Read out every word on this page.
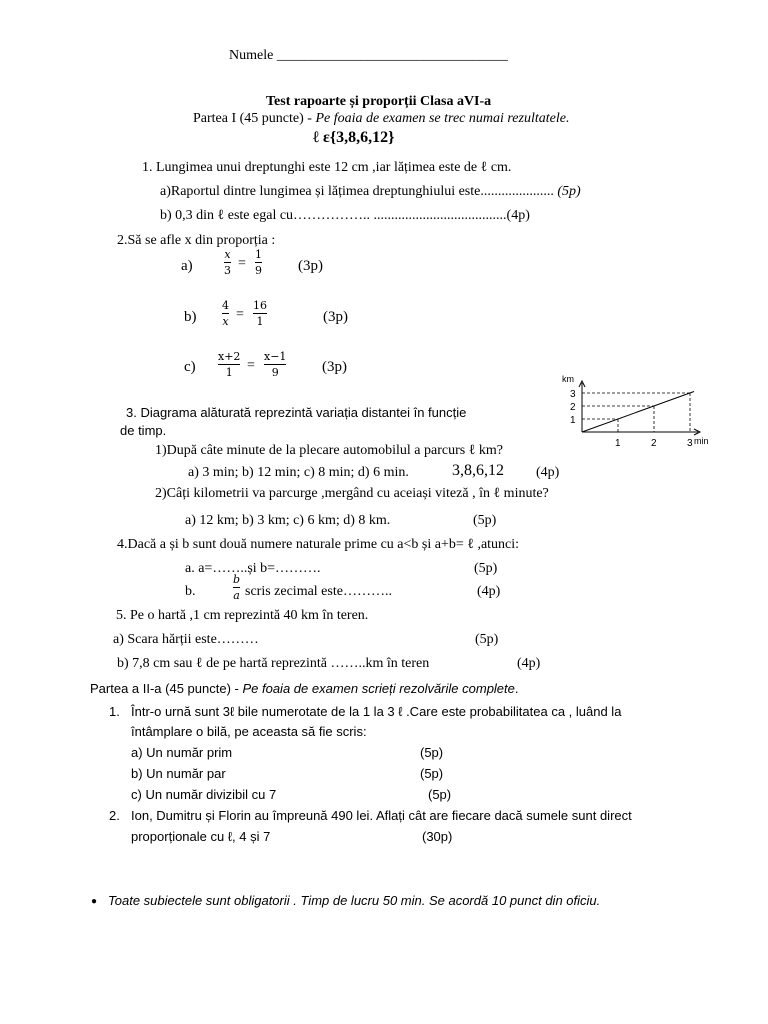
Numele _________________________________
Test rapoarte și proporții Clasa aVI-a
Partea I (45 puncte) - Pe foaia de examen se trec numai rezultatele.
ℓ ε{3,8,6,12}
1. Lungimea unui dreptunghi este 12 cm ,iar lățimea este de ℓ cm.
a)Raportul dintre lungimea și lățimea dreptunghiului este..................... (5p)
b) 0,3 din ℓ este egal cu…………….. ......................................(4p)
2.Să se afle x din proporția :
a)
x
3 =
1
9 (3p)
b)
4
x =
16
1	(3p)
c)
x+2
1 =
x−1
9	(3p)
1
2
3
1	2	3
km
min
3. Diagrama alăturată reprezintă variația distantei în funcție
de timp.
1)După câte minute de la plecare automobilul a parcurs ℓ km?
a) 3 min; b) 12 min; c) 8 min; d) 6 min.	3,8,6,12 (4p)
2)Câți kilometrii va parcurge ,mergând cu aceiași viteză , în ℓ minute?
a) 12 km; b) 3 km; c) 6 km; d) 8 km.	(5p)
4.Dacă a și b sunt două numere naturale prime cu a<b și a+b= ℓ ,atunci:
a. a=……..și b=……….	(5p)
b.
b
a scris zecimal este………..	(4p)
5. Pe o hartă ,1 cm reprezintă 40 km în teren.
a) Scara hărții este………	(5p)
b) 7,8 cm sau ℓ de pe hartă reprezintă ……..km în teren	(4p)
Partea a II-a (45 puncte) - Pe foaia de examen scrieți rezolvările complete.
1. Într-o urnă sunt 3ℓ bile numerotate de la 1 la 3 ℓ .Care este probabilitatea ca , luând la
întâmplare o bilă, pe aceasta să fie scris:
a) Un număr prim	(5p)
b) Un număr par	(5p)
c) Un număr divizibil cu 7	(5p)
2. Ion, Dumitru și Florin au împreună 490 lei. Aflați cât are fiecare dacă sumele sunt direct
proporționale cu ℓ, 4 și 7	(30p)
● Toate subiectele sunt obligatorii . Timp de lucru 50 min. Se acordă 10 punct din oficiu.
